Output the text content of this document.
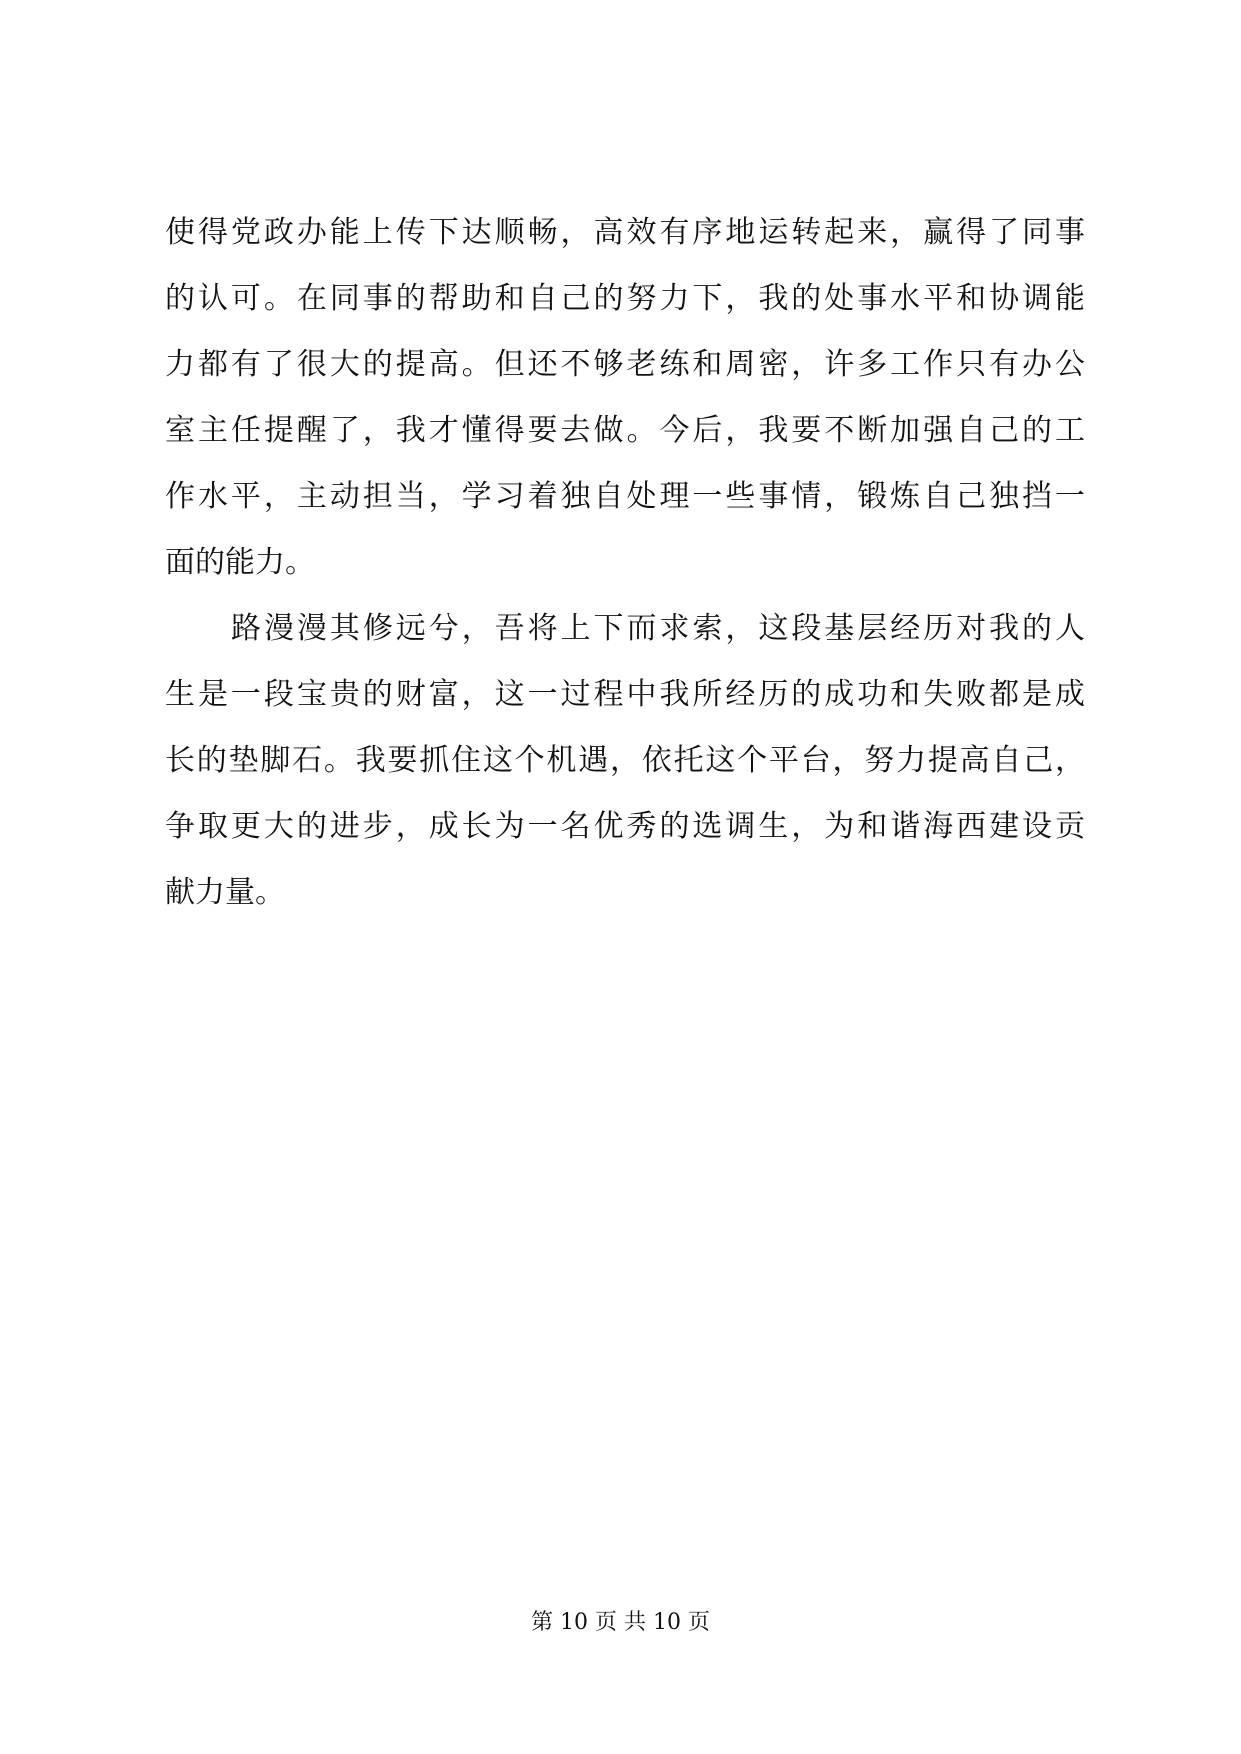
使得党政办能上传下达顺畅，高效有序地运转起来，赢得了同事
的认可。在同事的帮助和自己的努力下，我的处事水平和协调能
力都有了很大的提高。但还不够老练和周密，许多工作只有办公
室主任提醒了，我才懂得要去做。今后，我要不断加强自己的工
作水平，主动担当，学习着独自处理一些事情，锻炼自己独挡一
面的能力。
路漫漫其修远兮，吾将上下而求索，这段基层经历对我的人
生是一段宝贵的财富，这一过程中我所经历的成功和失败都是成
长的垫脚石。我要抓住这个机遇，依托这个平台，努力提高自己，
争取更大的进步，成长为一名优秀的选调生，为和谐海西建设贡
献力量。
第 10 页 共 10 页
